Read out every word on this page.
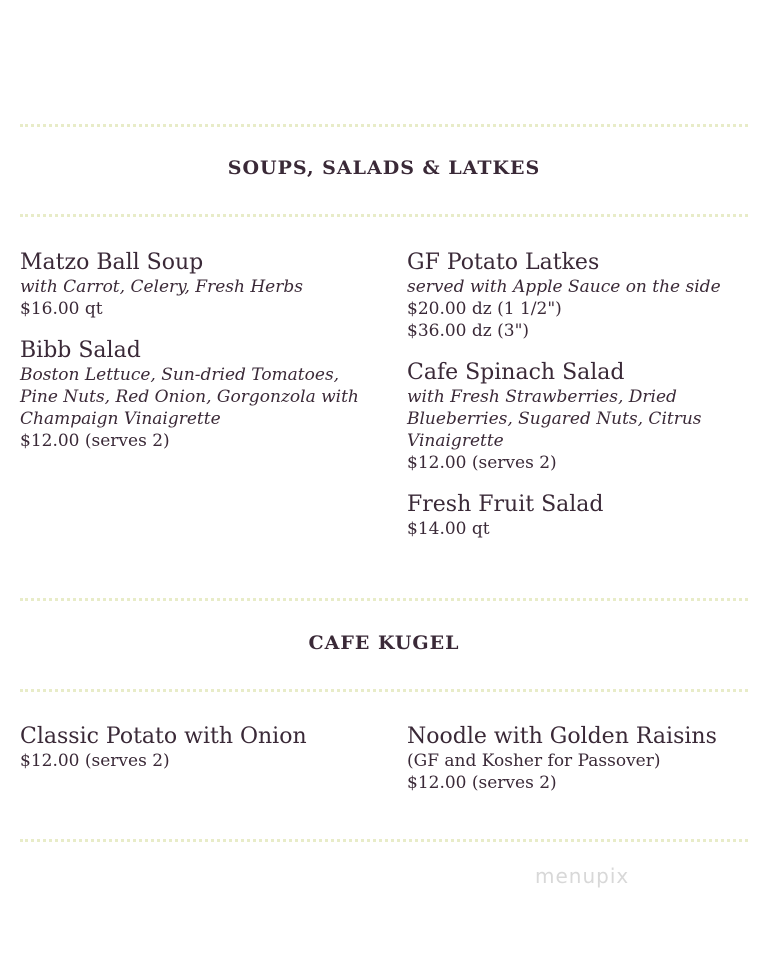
SOUPS, SALADS & LATKES
Matzo Ball Soup
with Carrot, Celery, Fresh Herbs
$16.00 qt
Bibb Salad
Boston Lettuce, Sun-dried Tomatoes, Pine Nuts, Red Onion, Gorgonzola with Champaign Vinaigrette
$12.00 (serves 2)
GF Potato Latkes
served with Apple Sauce on the side
$20.00 dz (1 1/2")
$36.00 dz (3")
Cafe Spinach Salad
with Fresh Strawberries, Dried Blueberries, Sugared Nuts, Citrus Vinaigrette
$12.00 (serves 2)
Fresh Fruit Salad
$14.00 qt
CAFE KUGEL
Classic Potato with Onion
$12.00 (serves 2)
Noodle with Golden Raisins
(GF and Kosher for Passover)
$12.00 (serves 2)
menupix
